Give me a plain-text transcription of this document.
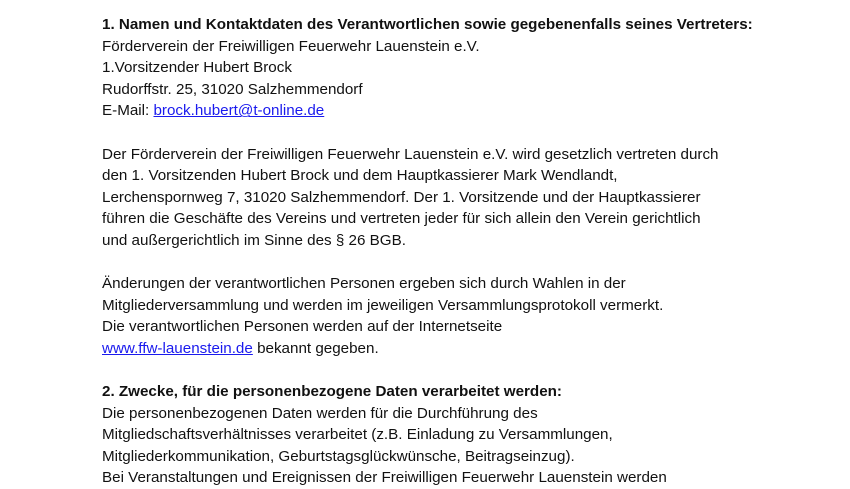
1. Namen und Kontaktdaten des Verantwortlichen sowie gegebenenfalls seines Vertreters:
Förderverein der Freiwilligen Feuerwehr Lauenstein e.V.
1.Vorsitzender Hubert Brock
Rudorffstr. 25, 31020 Salzhemmendorf
E-Mail: brock.hubert@t-online.de
Der Förderverein der Freiwilligen Feuerwehr Lauenstein e.V. wird gesetzlich vertreten durch
den 1. Vorsitzenden Hubert Brock und dem Hauptkassierer Mark Wendlandt,
Lerchenspornweg 7, 31020 Salzhemmendorf. Der 1. Vorsitzende und der Hauptkassierer
führen die Geschäfte des Vereins und vertreten jeder für sich allein den Verein gerichtlich
und außergerichtlich im Sinne des § 26 BGB.
Änderungen der verantwortlichen Personen ergeben sich durch Wahlen in der
Mitgliederversammlung und werden im jeweiligen Versammlungsprotokoll vermerkt.
Die verantwortlichen Personen werden auf der Internetseite
www.ffw-lauenstein.de bekannt gegeben.
2. Zwecke, für die personenbezogene Daten verarbeitet werden:
Die personenbezogenen Daten werden für die Durchführung des
Mitgliedschaftsverhältnisses verarbeitet (z.B. Einladung zu Versammlungen,
Mitgliederkommunikation, Geburtstagsglückwünsche, Beitragseinzug).
Bei Veranstaltungen und Ereignissen der Freiwilligen Feuerwehr Lauenstein werden
